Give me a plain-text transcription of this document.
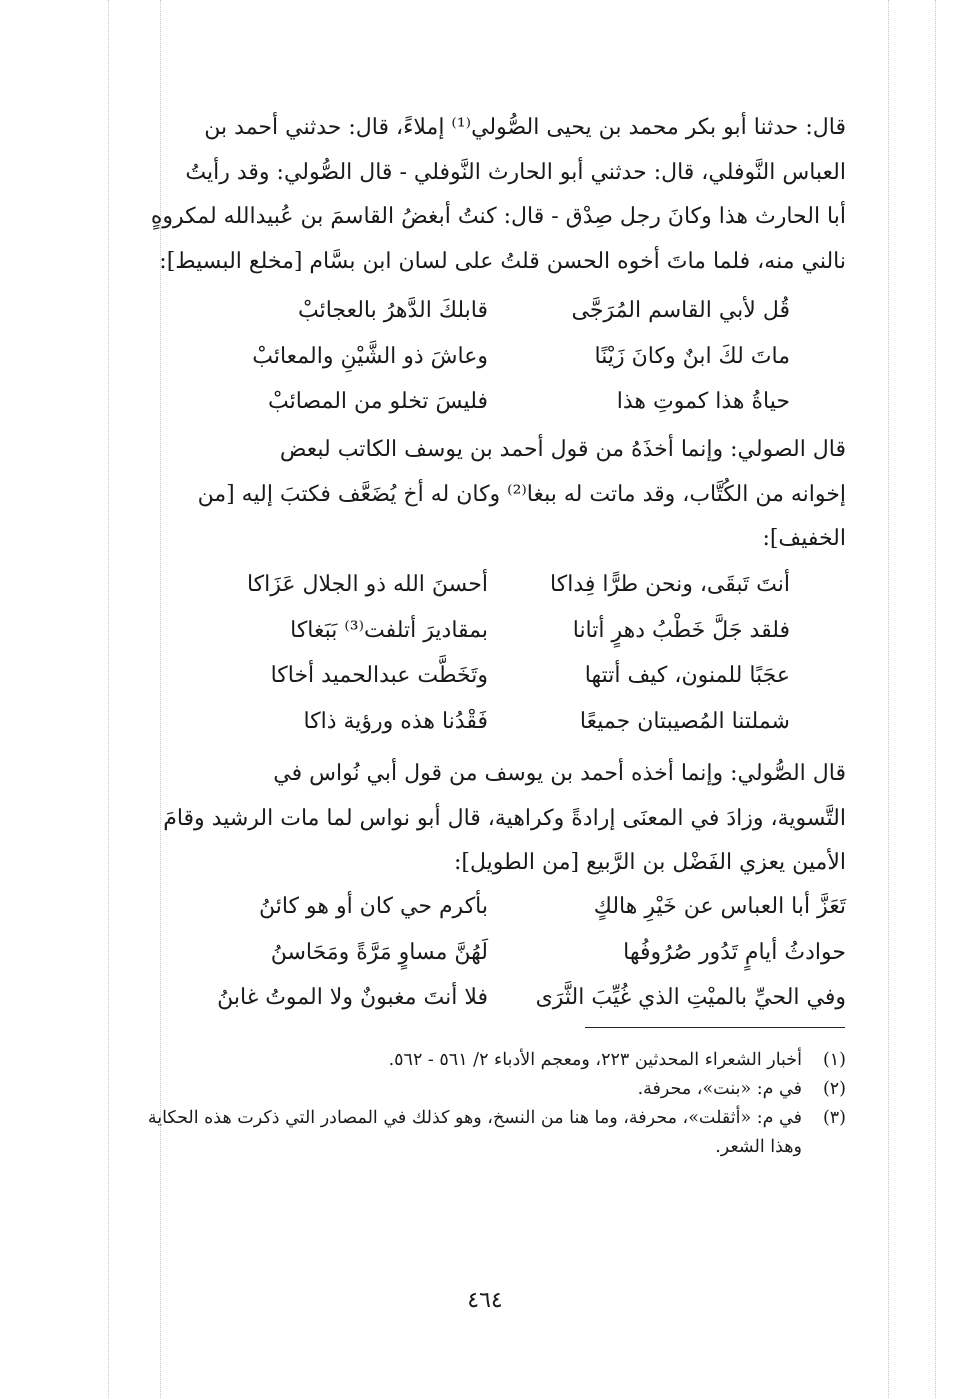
قال: حدثنا أبو بكر محمد بن يحيى الصُّولي⁽¹⁾ إملاءً، قال: حدثني أحمد بن
العباس النَّوفلي، قال: حدثني أبو الحارث النَّوفلي - قال الصُّولي: وقد رأيتُ
أبا الحارث هذا وكانَ رجل صِدْق - قال: كنتُ أبغضُ القاسمَ بن عُبيدالله لمكروهٍ
نالني منه، فلما ماتَ أخوه الحسن قلتُ على لسان ابن بسَّام [مخلع البسيط]:
قُل لأبي القاسم المُرَجَّى
قابلكَ الدَّهرُ بالعجائبْ
ماتَ لكَ ابنٌ وكانَ زَيْنًا
وعاشَ ذو الشَّيْنِ والمعائبْ
حياةُ هذا كموتِ هذا
فليسَ تخلو من المصائبْ
قال الصولي: وإنما أخذَهُ من قول أحمد بن يوسف الكاتب لبعض
إخوانه من الكُتَّاب، وقد ماتت له ببغا⁽²⁾ وكان له أخ يُضَعَّف فكتبَ إليه [من
الخفيف]:
أنتَ تَبقَى، ونحن طرًّا فِداكا
أحسنَ الله ذو الجلال عَزَاكا
فلقد جَلَّ خَطْبُ دهرٍ أتانا
بمقاديرَ أتلفت⁽³⁾ بَبَغاكا
عجَبًا للمنون، كيف أتتها
وتَخَطَّت عبدالحميد أخاكا
شملتنا المُصيبتان جميعًا
فَقْدُنا هذه ورؤية ذاكا
قال الصُّولي: وإنما أخذه أحمد بن يوسف من قول أبي نُواس في
التَّسوية، وزادَ في المعنَى إرادةً وكراهية، قال أبو نواس لما مات الرشيد وقامَ
الأمين يعزي الفَضْل بن الرَّبيع [من الطويل]:
تَعَزَّ أبا العباس عن خَيْرِ هالكٍ
بأكرم حي كان أو هو كائنُ
حوادثُ أيامٍ تَدُور صُرُوفُها
لَهُنَّ مساوٍ مَرَّةً ومَحَاسنُ
وفي الحيِّ بالميْتِ الذي غُيِّبَ الثَّرَى
فلا أنتَ مغبونٌ ولا الموتُ غابنُ
(١)
أخبار الشعراء المحدثين ٢٢٣، ومعجم الأدباء ٢/ ٥٦١ - ٥٦٢.
(٢)
في م: «بنت»، محرفة.
(٣)
في م: «أثقلت»، محرفة، وما هنا من النسخ، وهو كذلك في المصادر التي ذكرت هذه الحكاية وهذا الشعر.
٤٦٤
